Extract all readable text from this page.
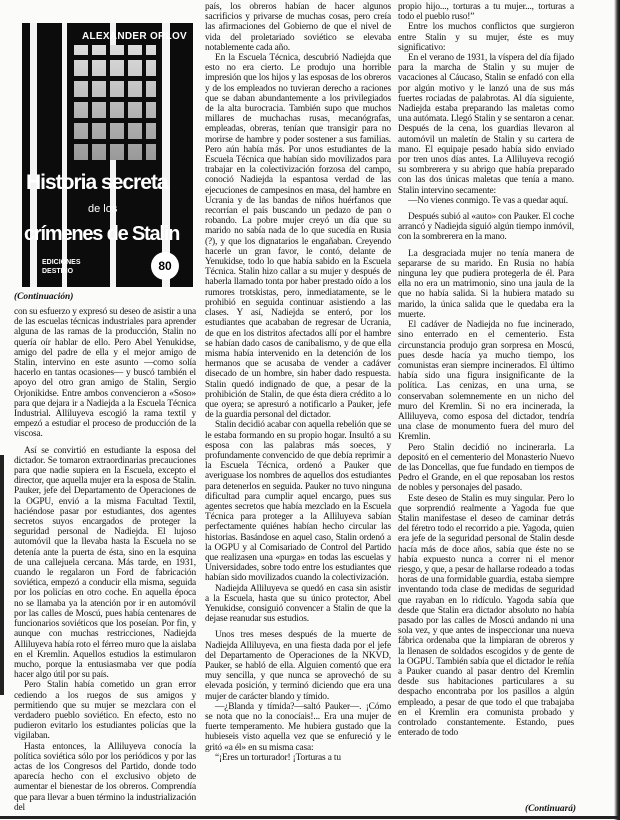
ALEXANDER ORLOV
Historia secreta
de los
crímenes de Stalin
80
EDICIONES
DESTINO
(Continuación)

con su esfuerzo y expresó su deseo de asistir a una de las escuelas técnicas industriales para aprender alguna de las ramas de la producción, Stalin no quería oír hablar de ello. Pero Abel Yenukidse, amigo del padre de ella y el mejor amigo de Stalin, intervino en este asunto —como solía hacerlo en tantas ocasiones— y buscó también el apoyo del otro gran amigo de Stalin, Sergio Orjonikidse. Entre ambos convencieron a «Soso» para que dejara ir a Nadiejda a la Escuela Técnica Industrial. Alliluyeva escogió la rama textil y empezó a estudiar el proceso de producción de la viscosa.

Así se convirtió en estudiante la esposa del dictador. Se tomaron extraordinarias precauciones para que nadie supiera en la Escuela, excepto el director, que aquella mujer era la esposa de Stalin. Pauker, jefe del Departamento de Operaciones de la OGPU, envió a la misma Facultad Textil, haciéndose pasar por estudiantes, dos agentes secretos suyos encargados de proteger la seguridad personal de Nadiejda. El lujoso automóvil que la llevaba hasta la Escuela no se detenía ante la puerta de ésta, sino en la esquina de una callejuela cercana. Más tarde, en 1931, cuando le regalaron un Ford de fabricación soviética, empezó a conducir ella misma, seguida por los policías en otro coche. En aquella época no se llamaba ya la atención por ir en automóvil por las calles de Moscú, pues había centenares de funcionarios soviéticos que los poseían. Por fin, y aunque con muchas restricciones, Nadiejda Alliluyeva había roto el férreo muro que la aislaba en el Kremlin. Aquellos estudios la estimularon mucho, porque la entusiasmaba ver que podía hacer algo útil por su país.

Pero Stalin había cometido un gran error cediendo a los ruegos de sus amigos y permitiendo que su mujer se mezclara con el verdadero pueblo soviético. En efecto, esto no pudieron evitarlo los estudiantes policías que la vigilaban.

Hasta entonces, la Alliluyeva conocía la política soviética sólo por los periódicos y por las actas de los Congresos del Partido, donde todo aparecía hecho con el exclusivo objeto de aumentar el bienestar de los obreros. Comprendía que para llevar a buen término la industrialización del

país, los obreros habían de hacer algunos sacrificios y privarse de muchas cosas, pero creía las afirmaciones del Gobierno de que el nivel de vida del proletariado soviético se elevaba notablemente cada año.

En la Escuela Técnica, descubrió Nadiejda que esto no era cierto. Le produjo una horrible impresión que los hijos y las esposas de los obreros y de los empleados no tuvieran derecho a raciones que se daban abundantemente a los privilegiados de la alta burocracia. También supo que muchos millares de muchachas rusas, mecanógrafas, empleadas, obreras, tenían que transigir para no morirse de hambre y poder sostener a sus familias. Pero aún había más. Por unos estudiantes de la Escuela Técnica que habían sido movilizados para trabajar en la colectivización forzosa del campo, conoció Nadiejda la espantosa verdad de las ejecuciones de campesinos en masa, del hambre en Ucrania y de las bandas de niños huérfanos que recorrían el país buscando un pedazo de pan o robando. La pobre mujer creyó un día que su marido no sabía nada de lo que sucedía en Rusia (?), y que los dignatarios le engañaban. Creyendo hacerle un gran favor, le contó, delante de Yenukidse, todo lo que había sabido en la Escuela Técnica. Stalin hizo callar a su mujer y después de haberla llamado tonta por haber prestado oído a los rumores trotskistas, pero, inmediatamente, se le prohibió en seguida continuar asistiendo a las clases. Y así, Nadiejda se enteró, por los estudiantes que acababan de regresar de Ucrania, de que en los distritos afectados allí por el hambre se habían dado casos de canibalismo, y de que ella misma había intervenido en la detención de los hermanos que se acusaba de vender a cadáver disecado de un hombre, sin haber dado respuesta. Stalin quedó indignado de que, a pesar de la prohibición de Stalin, de que ésta diera crédito a lo que oyera; se apresuró a notificarlo a Pauker, jefe de la guardia personal del dictador.

Stalin decidió acabar con aquella rebelión que se le estaba formando en su propio hogar. Insultó a su esposa con las palabras más soeces, y profundamente convencido de que debía reprimir a la Escuela Técnica, ordenó a Pauker que averiguase los nombres de aquellos dos estudiantes para detenerlos en seguida. Pauker no tuvo ninguna dificultad para cumplir aquel encargo, pues sus agentes secretos que había mezclado en la Escuela Técnica para proteger a la Alliluyeva sabían perfectamente quiénes habían hecho circular las historias. Basándose en aquel caso, Stalin ordenó a la OGPU y al Comisariado de Control del Partido que realizasen una «purga» en todas las escuelas y Universidades, sobre todo entre los estudiantes que habían sido movilizados cuando la colectivización.

Nadiejda Alliluyeva se quedó en casa sin asistir a la Escuela, hasta que su único protector, Abel Yenukidse, consiguió convencer a Stalin de que la dejase reanudar sus estudios.

Unos tres meses después de la muerte de Nadiejda Alliluyeva, en una fiesta dada por el jefe del Departamento de Operaciones de la NKVD, Pauker, se habló de ella. Alguien comentó que era muy sencilla, y que nunca se aprovechó de su elevada posición, y terminó diciendo que era una mujer de carácter blando y tímido.

—¿Blanda y tímida?—saltó Pauker—. ¡Cómo se nota que no la conocíais!... Era una mujer de fuerte temperamento. Me hubiera gustado que la hubieseis visto aquella vez que se enfureció y le gritó «a él» en su misma casa:

“¡Eres un torturador! ¡Torturas a tu

propio hijo..., torturas a tu mujer..., torturas a todo el pueblo ruso!”

Entre los muchos conflictos que surgieron entre Stalin y su mujer, éste es muy significativo:

En el verano de 1931, la víspera del día fijado para la marcha de Stalin y su mujer de vacaciones al Cáucaso, Stalin se enfadó con ella por algún motivo y le lanzó una de sus más fuertes rociadas de palabrotas. Al día siguiente, Nadiejda estaba preparando las maletas como una autómata. Llegó Stalin y se sentaron a cenar. Después de la cena, los guardias llevaron al automóvil un maletín de Stalin y su cartera de mano. El equipaje pesado había sido enviado por tren unos días antes. La Alliluyeva recogió su sombrerera y su abrigo que había preparado con las dos únicas maletas que tenía a mano. Stalin intervino secamente:

—No vienes conmigo. Te vas a quedar aquí.

Después subió al «auto» con Pauker. El coche arrancó y Nadiejda siguió algún tiempo inmóvil, con la sombrerera en la mano.

La desgraciada mujer no tenía manera de separarse de su marido. En Rusia no había ninguna ley que pudiera protegerla de él. Para ella no era un matrimonio, sino una jaula de la que no había salida. Si la hubiera matado su marido, la única salida que le quedaba era la muerte.

El cadáver de Nadiejda no fue incinerado, sino enterrado en el cementerio. Esta circunstancia produjo gran sorpresa en Moscú, pues desde hacía ya mucho tiempo, los comunistas eran siempre incinerados. El último había sido una figura insignificante de la política. Las cenizas, en una urna, se conservaban solemnemente en un nicho del muro del Kremlin. Si no era incinerada, la Alliluyeva, como esposa del dictador, tendría una clase de monumento fuera del muro del Kremlin.

Pero Stalin decidió no incinerarla. La depositó en el cementerio del Monasterio Nuevo de las Doncellas, que fue fundado en tiempos de Pedro el Grande, en el que reposaban los restos de nobles y personajes del pasado.

Este deseo de Stalin es muy singular. Pero lo que sorprendió realmente a Yagoda fue que Stalin manifestase el deseo de caminar detrás del féretro todo el recorrido a pie. Yagoda, quien era jefe de la seguridad personal de Stalin desde hacía más de doce años, sabía que éste no se había expuesto nunca a correr ni el menor riesgo, y que, a pesar de hallarse rodeado a todas horas de una formidable guardia, estaba siempre inventando toda clase de medidas de seguridad que rayaban en lo ridículo. Yagoda sabía que desde que Stalin era dictador absoluto no había pasado por las calles de Moscú andando ni una sola vez, y que antes de inspeccionar una nueva fábrica ordenaba que la limpiaran de obreros y la llenasen de soldados escogidos y de gente de la OGPU. También sabía que el dictador le reñía a Pauker cuando al pasar dentro del Kremlin desde sus habitaciones particulares a su despacho encontraba por los pasillos a algún empleado, a pesar de que todo el que trabajaba en el Kremlin era comunista probado y controlado constantemente. Estando, pues enterado de todo

(Continuará)
